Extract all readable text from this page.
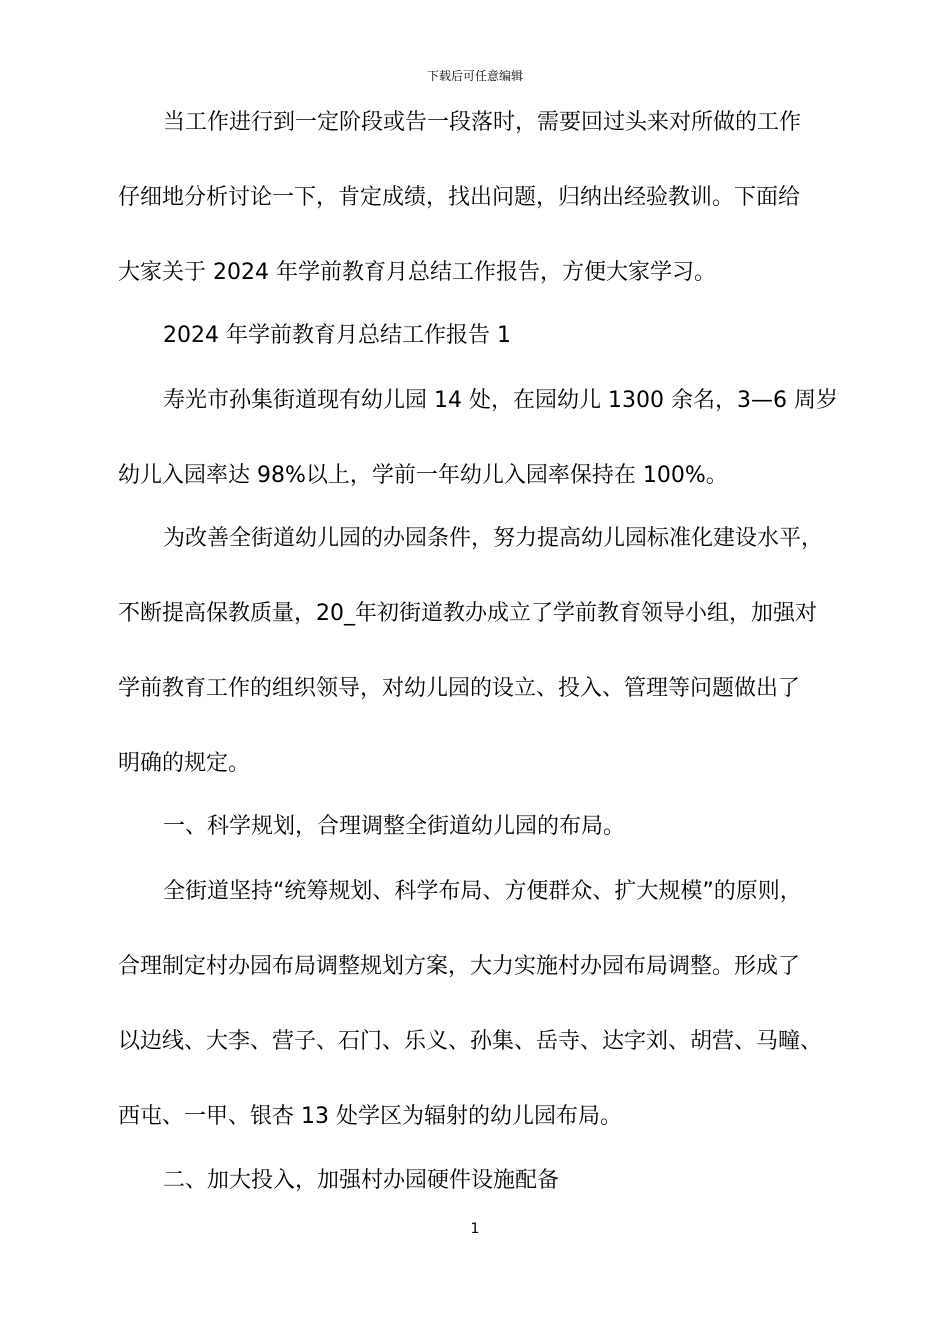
下载后可任意编辑
当工作进行到一定阶段或告一段落时，需要回过头来对所做的工作
仔细地分析讨论一下，肯定成绩，找出问题，归纳出经验教训。下面给
大家关于 2024 年学前教育月总结工作报告，方便大家学习。
2024 年学前教育月总结工作报告 1
寿光市孙集街道现有幼儿园 14 处，在园幼儿 1300 余名，3—6 周岁
幼儿入园率达 98%以上，学前一年幼儿入园率保持在 100%。
为改善全街道幼儿园的办园条件，努力提高幼儿园标准化建设水平，
不断提高保教质量，20_年初街道教办成立了学前教育领导小组，加强对
学前教育工作的组织领导，对幼儿园的设立、投入、管理等问题做出了
明确的规定。
一、科学规划，合理调整全街道幼儿园的布局。
全街道坚持“统筹规划、科学布局、方便群众、扩大规模”的原则，
合理制定村办园布局调整规划方案，大力实施村办园布局调整。形成了
以边线、大李、营子、石门、乐义、孙集、岳寺、达字刘、胡营、马疃、
西屯、一甲、银杏 13 处学区为辐射的幼儿园布局。
二、加大投入，加强村办园硬件设施配备
1
